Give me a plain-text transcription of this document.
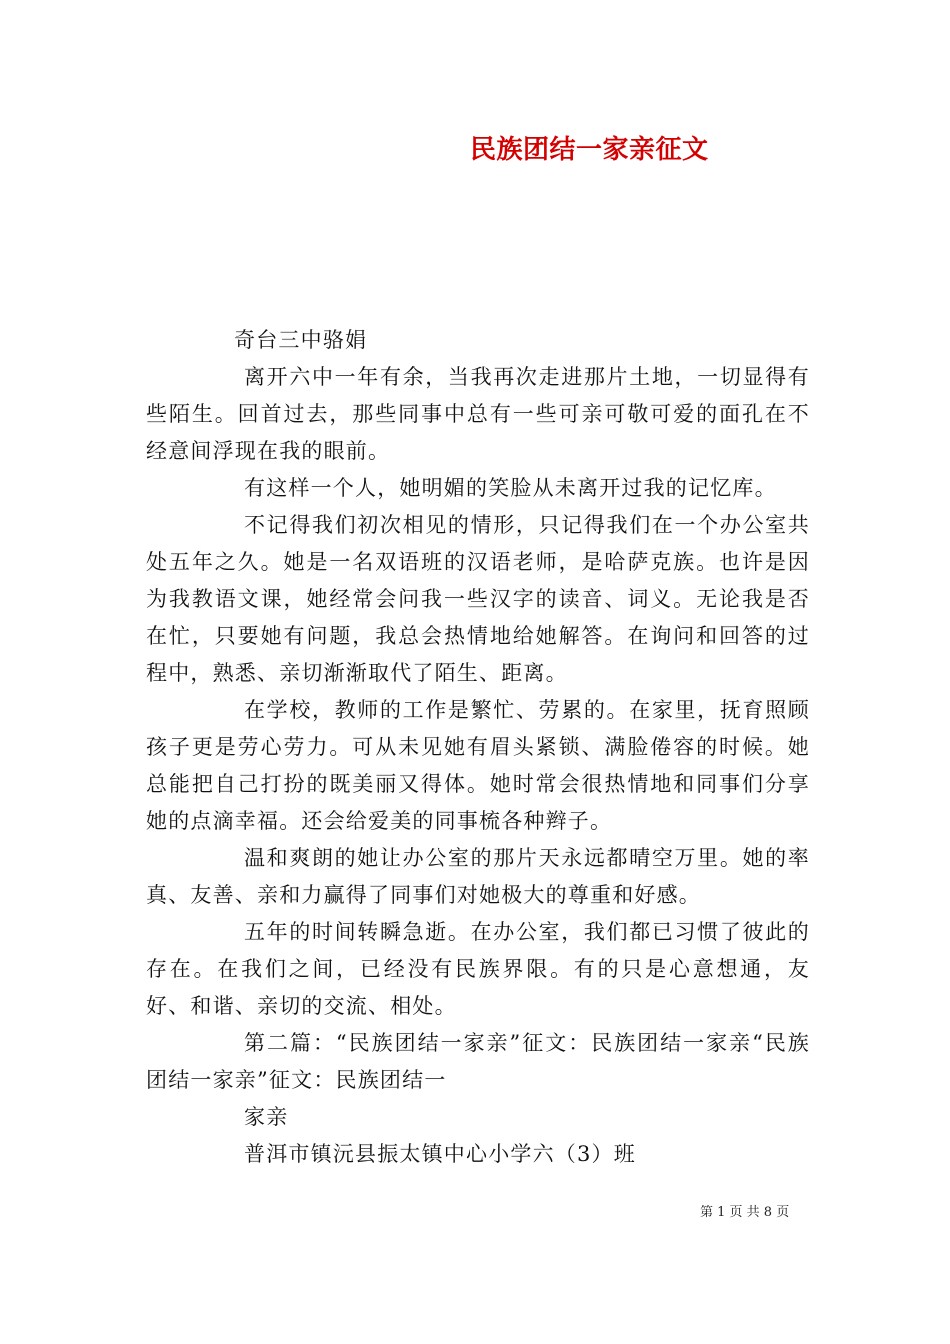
民族团结一家亲征文

奇台三中骆娟

离开六中一年有余，当我再次走进那片土地，一切显得有些陌生。回首过去，那些同事中总有一些可亲可敬可爱的面孔在不经意间浮现在我的眼前。

有这样一个人，她明媚的笑脸从未离开过我的记忆库。

不记得我们初次相见的情形，只记得我们在一个办公室共处五年之久。她是一名双语班的汉语老师，是哈萨克族。也许是因为我教语文课，她经常会问我一些汉字的读音、词义。无论我是否在忙，只要她有问题，我总会热情地给她解答。在询问和回答的过程中，熟悉、亲切渐渐取代了陌生、距离。

在学校，教师的工作是繁忙、劳累的。在家里，抚育照顾孩子更是劳心劳力。可从未见她有眉头紧锁、满脸倦容的时候。她总能把自己打扮的既美丽又得体。她时常会很热情地和同事们分享她的点滴幸福。还会给爱美的同事梳各种辫子。

温和爽朗的她让办公室的那片天永远都晴空万里。她的率真、友善、亲和力赢得了同事们对她极大的尊重和好感。

五年的时间转瞬急逝。在办公室，我们都已习惯了彼此的存在。在我们之间，已经没有民族界限。有的只是心意想通，友好、和谐、亲切的交流、相处。

第二篇：“民族团结一家亲”征文：民族团结一家亲“民族团结一家亲”征文：民族团结一

家亲

普洱市镇沅县振太镇中心小学六（3）班

第 1 页 共 8 页
